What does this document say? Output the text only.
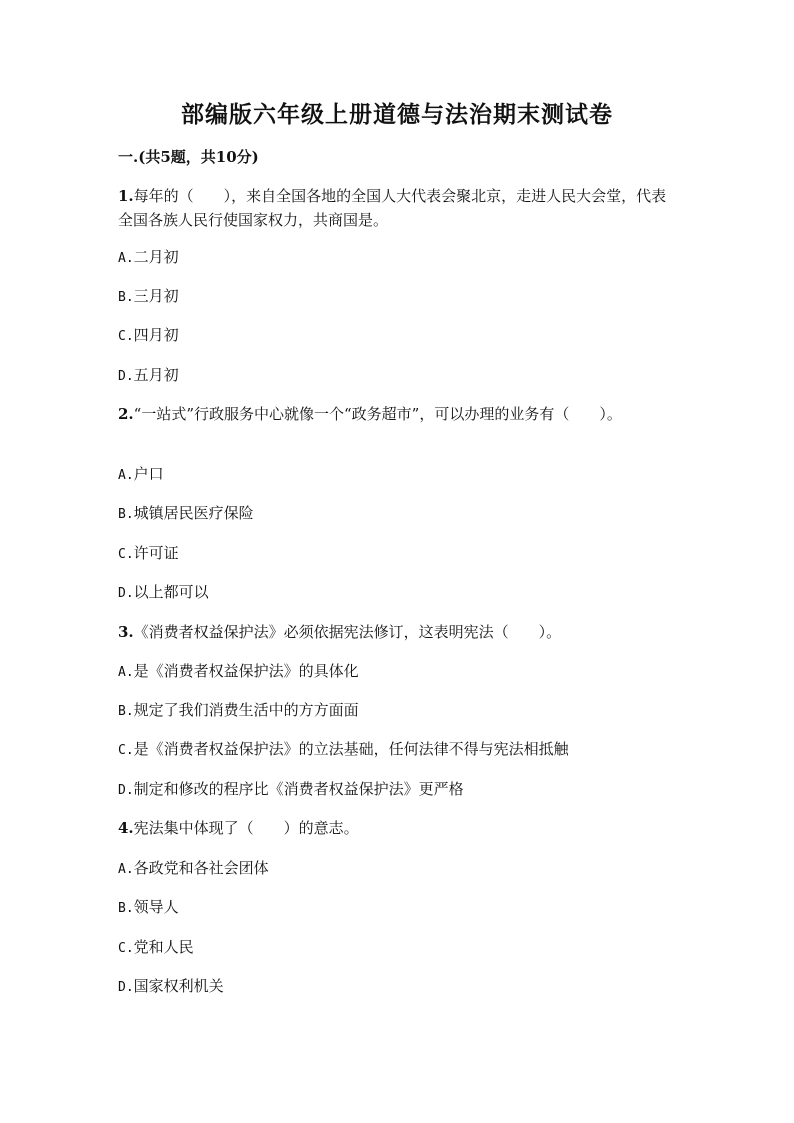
部编版六年级上册道德与法治期末测试卷
一.(共5题，共10分)
1.每年的（　　），来自全国各地的全国人大代表会聚北京，走进人民大会堂，代表全国各族人民行使国家权力，共商国是。
A.二月初
B.三月初
C.四月初
D.五月初
2.“一站式”行政服务中心就像一个“政务超市”，可以办理的业务有（　　）。
A.户口
B.城镇居民医疗保险
C.许可证
D.以上都可以
3.《消费者权益保护法》必须依据宪法修订，这表明宪法（　　）。
A.是《消费者权益保护法》的具体化
B.规定了我们消费生活中的方方面面
C.是《消费者权益保护法》的立法基础，任何法律不得与宪法相抵触
D.制定和修改的程序比《消费者权益保护法》更严格
4.宪法集中体现了（　　）的意志。
A.各政党和各社会团体
B.领导人
C.党和人民
D.国家权利机关
